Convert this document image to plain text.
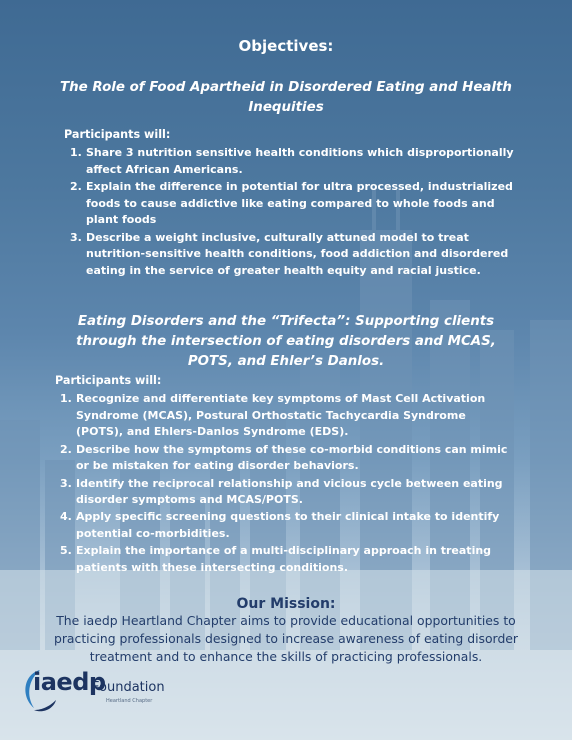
Objectives:
The Role of Food Apartheid in Disordered Eating and Health Inequities
Participants will:
1. Share 3 nutrition sensitive health conditions which disproportionally affect African Americans.
2. Explain the difference in potential for ultra processed, industrialized foods to cause addictive like eating compared to whole foods and plant foods
3. Describe a weight inclusive, culturally attuned model to treat nutrition-sensitive health conditions, food addiction and disordered eating in the service of greater health equity and racial justice.
Eating Disorders and the “Trifecta”: Supporting clients through the intersection of eating disorders and MCAS, POTS, and Ehler’s Danlos.
Participants will:
1. Recognize and differentiate key symptoms of Mast Cell Activation Syndrome (MCAS), Postural Orthostatic Tachycardia Syndrome (POTS), and Ehlers-Danlos Syndrome (EDS).
2. Describe how the symptoms of these co-morbid conditions can mimic or be mistaken for eating disorder behaviors.
3. Identify the reciprocal relationship and vicious cycle between eating disorder symptoms and MCAS/POTS.
4. Apply specific screening questions to their clinical intake to identify potential co-morbidities.
5. Explain the importance of a multi-disciplinary approach in treating patients with these intersecting conditions.
Our Mission:
The iaedp Heartland Chapter aims to provide educational opportunities to practicing professionals designed to increase awareness of eating disorder treatment and to enhance the skills of practicing professionals.
iaedp
Foundation
Heartland Chapter
